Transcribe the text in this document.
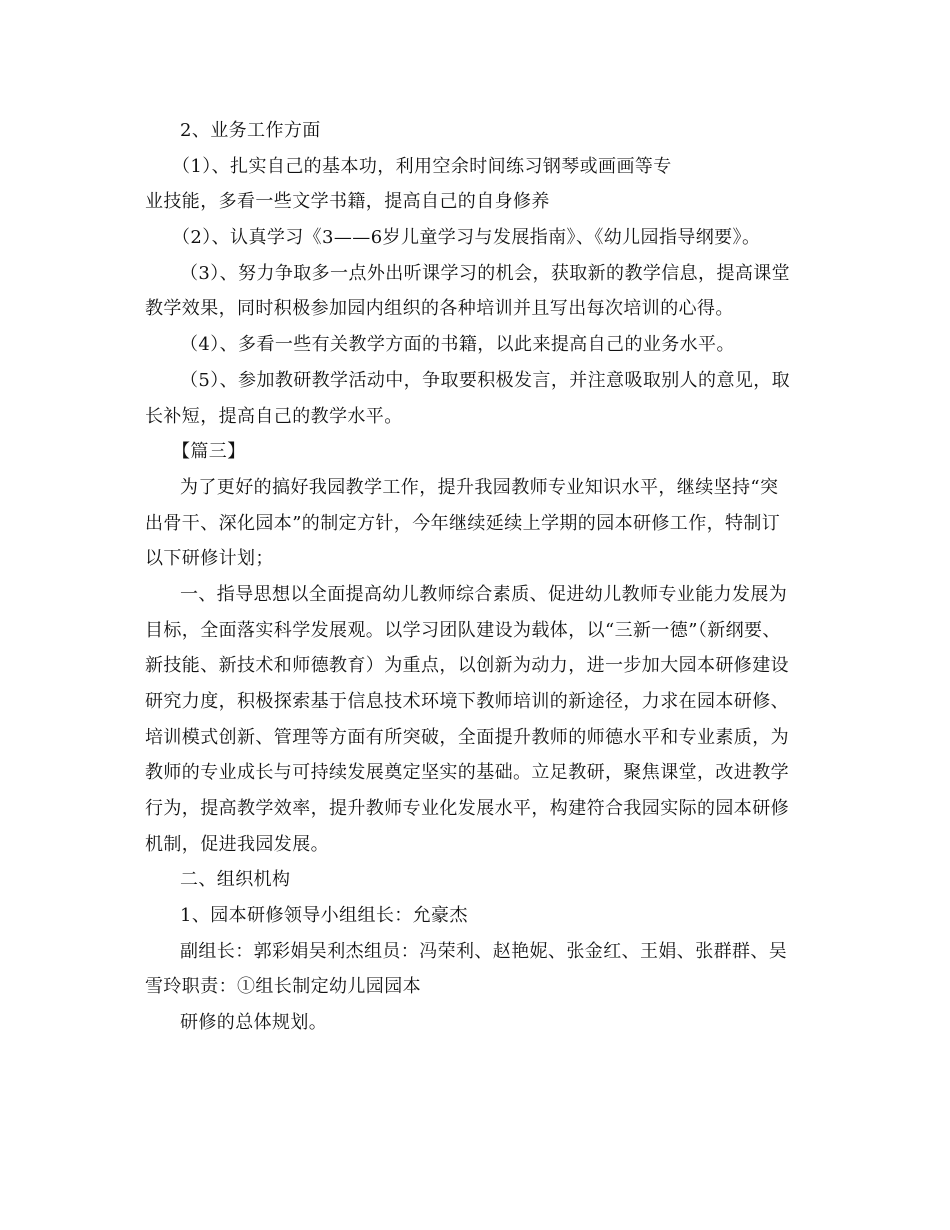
2、业务工作方面
（1）、扎实自己的基本功，利用空余时间练习钢琴或画画等专
业技能，多看一些文学书籍，提高自己的自身修养
（2）、认真学习《3——6岁儿童学习与发展指南》、《幼儿园指导纲要》。
（3）、努力争取多一点外出听课学习的机会，获取新的教学信息，提高课堂
教学效果，同时积极参加园内组织的各种培训并且写出每次培训的心得。
（4）、多看一些有关教学方面的书籍，以此来提高自己的业务水平。
（5）、参加教研教学活动中，争取要积极发言，并注意吸取别人的意见，取
长补短，提高自己的教学水平。
【篇三】
为了更好的搞好我园教学工作，提升我园教师专业知识水平，继续坚持“突
出骨干、深化园本”的制定方针，今年继续延续上学期的园本研修工作，特制订
以下研修计划；
一、指导思想以全面提高幼儿教师综合素质、促进幼儿教师专业能力发展为
目标，全面落实科学发展观。以学习团队建设为载体，以“三新一德”（新纲要、
新技能、新技术和师德教育）为重点，以创新为动力，进一步加大园本研修建设
研究力度，积极探索基于信息技术环境下教师培训的新途径，力求在园本研修、
培训模式创新、管理等方面有所突破，全面提升教师的师德水平和专业素质，为
教师的专业成长与可持续发展奠定坚实的基础。立足教研，聚焦课堂，改进教学
行为，提高教学效率，提升教师专业化发展水平，构建符合我园实际的园本研修
机制，促进我园发展。
二、组织机构
1、园本研修领导小组组长：允豪杰
副组长：郭彩娟吴利杰组员：冯荣利、赵艳妮、张金红、王娟、张群群、吴
雪玲职责：①组长制定幼儿园园本
研修的总体规划。
